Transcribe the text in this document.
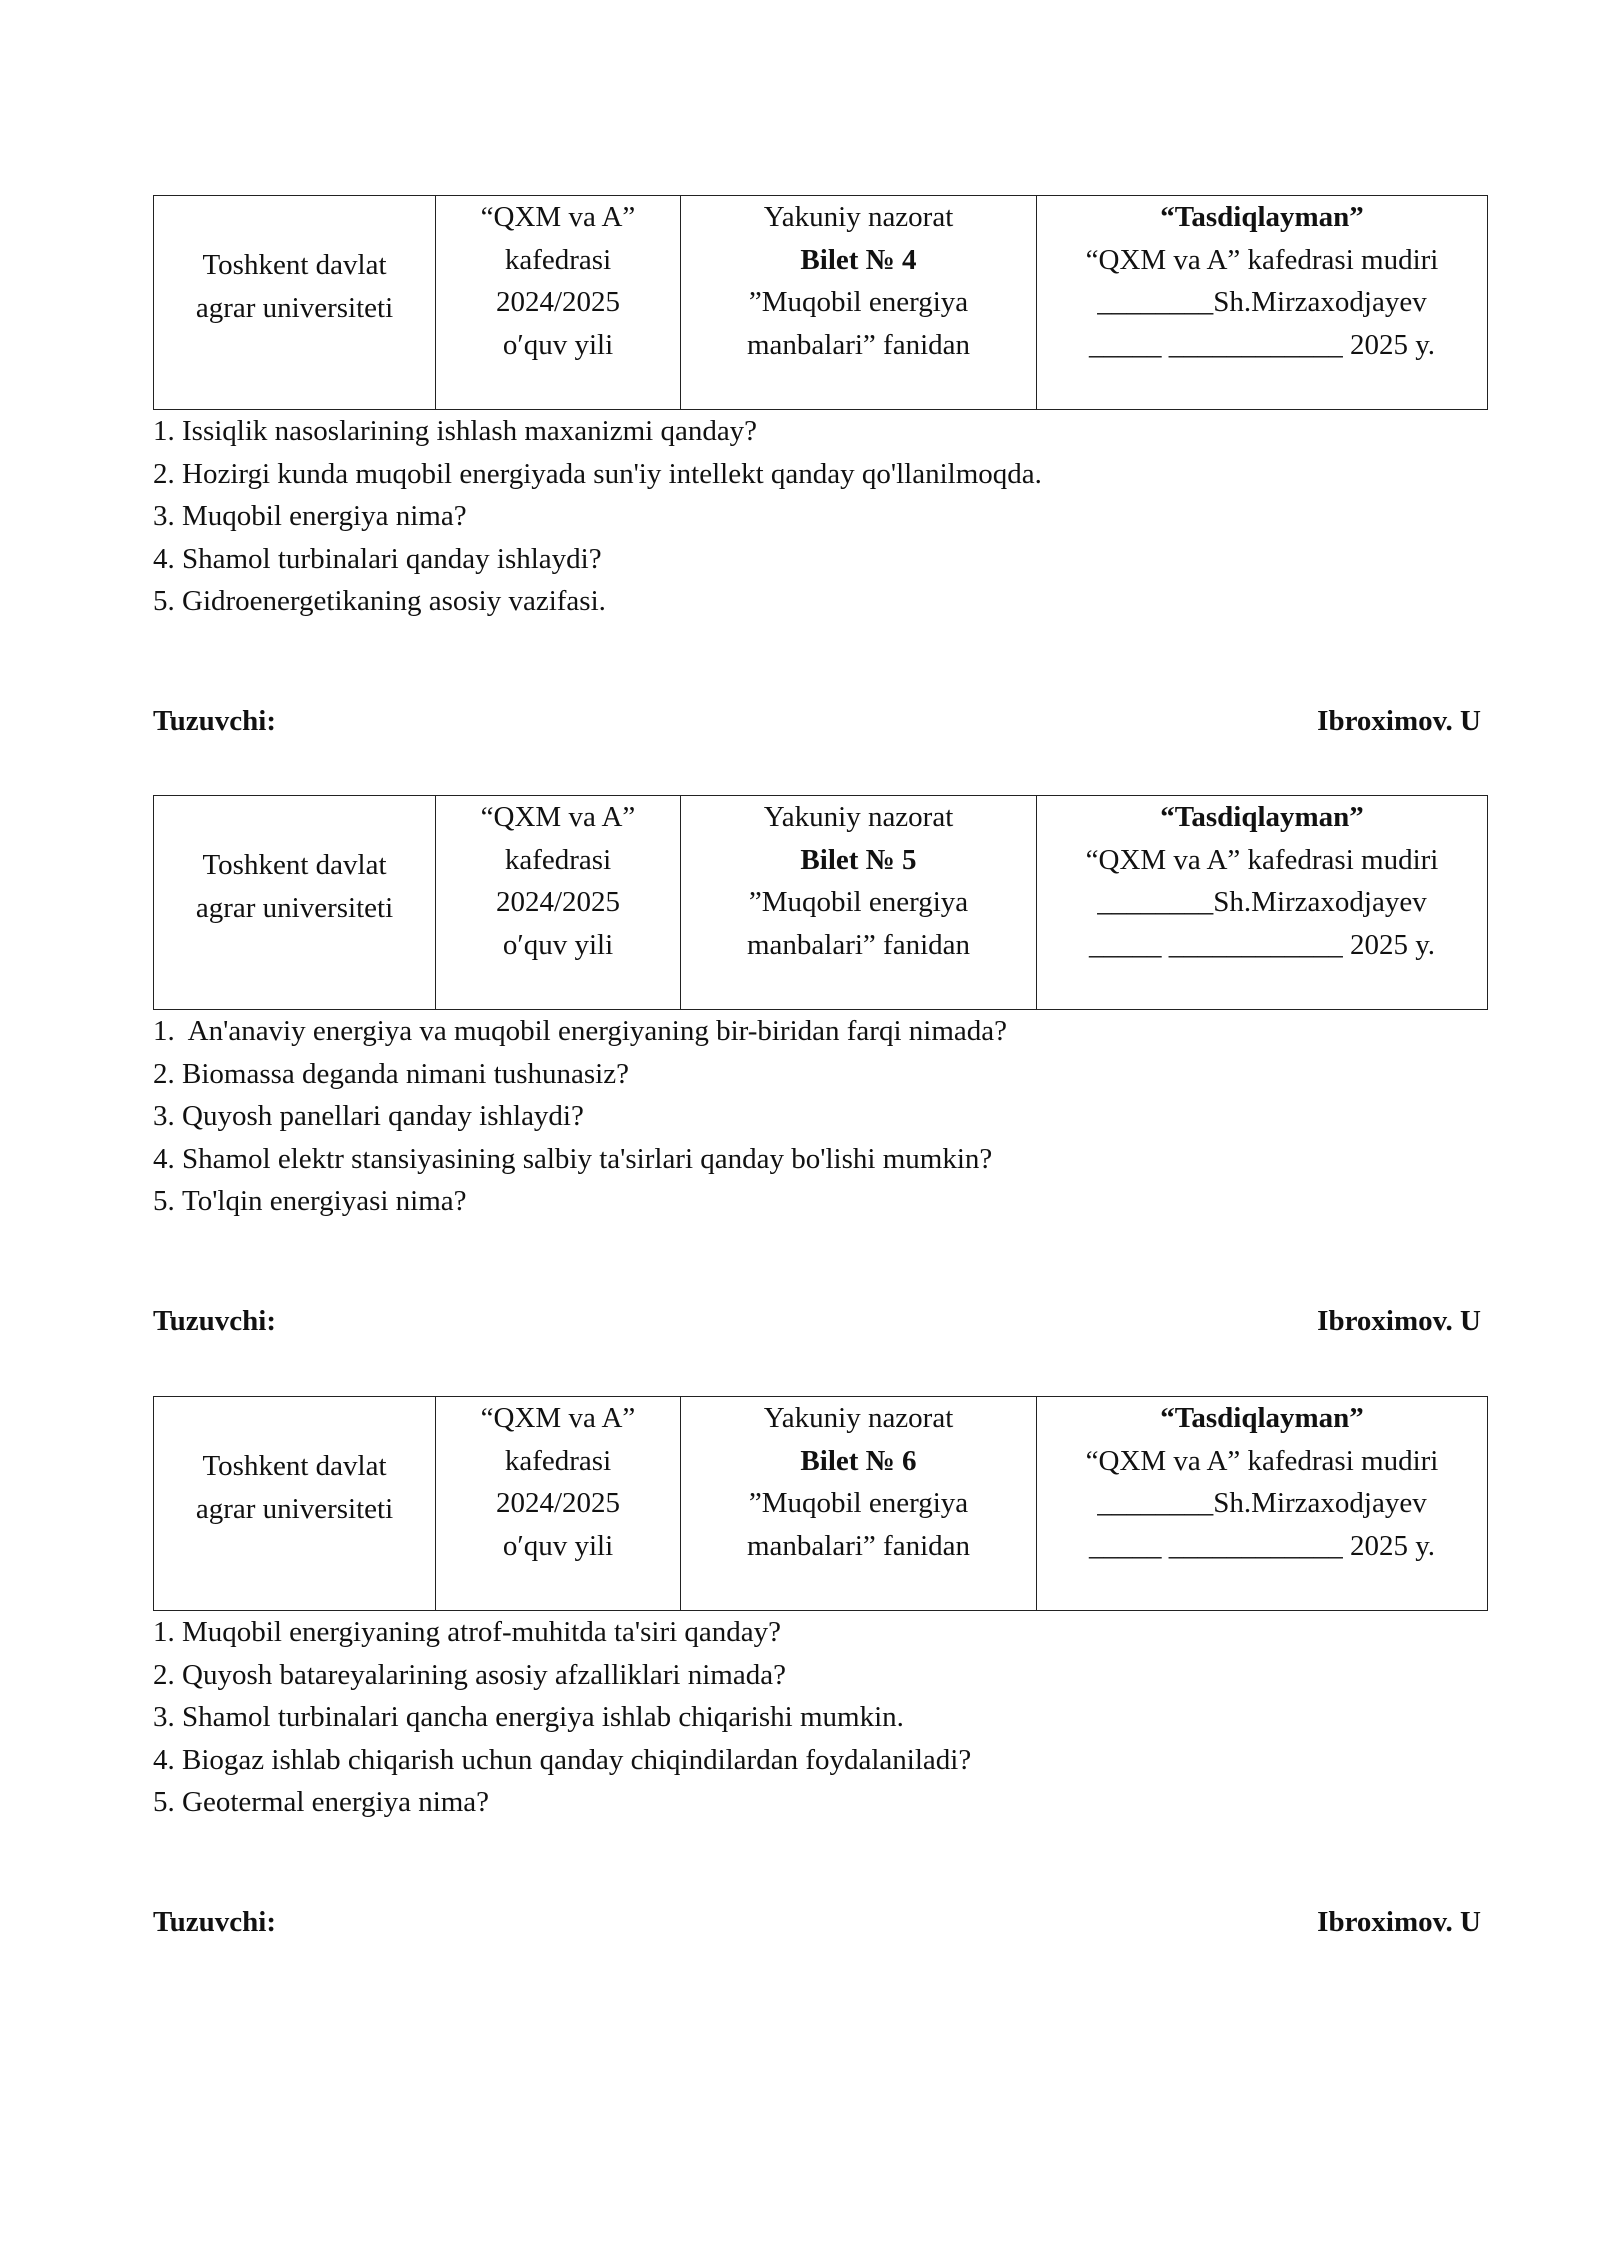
Toshkent davlat
agrar universiteti

“QXM va A”
kafedrasi
2024/2025
o′quv yili

Yakuniy nazorat
Bilet № 4
”Muqobil energiya
manbalari” fanidan

“Tasdiqlayman”
“QXM va A” kafedrasi mudiri
________Sh.Mirzaxodjayev
_____ ____________ 2025 y.
1. Issiqlik nasoslarining ishlash maxanizmi qanday?
2. Hozirgi kunda muqobil energiyada sun'iy intellekt qanday qo'llanilmoqda.
3. Muqobil energiya nima?
4. Shamol turbinalari qanday ishlaydi?
5. Gidroenergetikaning asosiy vazifasi.
Tuzuvchi:	Ibroximov. U
Toshkent davlat
agrar universiteti

“QXM va A”
kafedrasi
2024/2025
o′quv yili

Yakuniy nazorat
Bilet № 5
”Muqobil energiya
manbalari” fanidan

“Tasdiqlayman”
“QXM va A” kafedrasi mudiri
________Sh.Mirzaxodjayev
_____ ____________ 2025 y.
1. An'anaviy energiya va muqobil energiyaning bir-biridan farqi nimada?
2. Biomassa deganda nimani tushunasiz?
3. Quyosh panellari qanday ishlaydi?
4. Shamol elektr stansiyasining salbiy ta'sirlari qanday bo'lishi mumkin?
5. To'lqin energiyasi nima?
Tuzuvchi:	Ibroximov. U
Toshkent davlat
agrar universiteti

“QXM va A”
kafedrasi
2024/2025
o′quv yili

Yakuniy nazorat
Bilet № 6
”Muqobil energiya
manbalari” fanidan

“Tasdiqlayman”
“QXM va A” kafedrasi mudiri
________Sh.Mirzaxodjayev
_____ ____________ 2025 y.
1. Muqobil energiyaning atrof-muhitda ta'siri qanday?
2. Quyosh batareyalarining asosiy afzalliklari nimada?
3. Shamol turbinalari qancha energiya ishlab chiqarishi mumkin.
4. Biogaz ishlab chiqarish uchun qanday chiqindilardan foydalaniladi?
5. Geotermal energiya nima?
Tuzuvchi:	Ibroximov. U
